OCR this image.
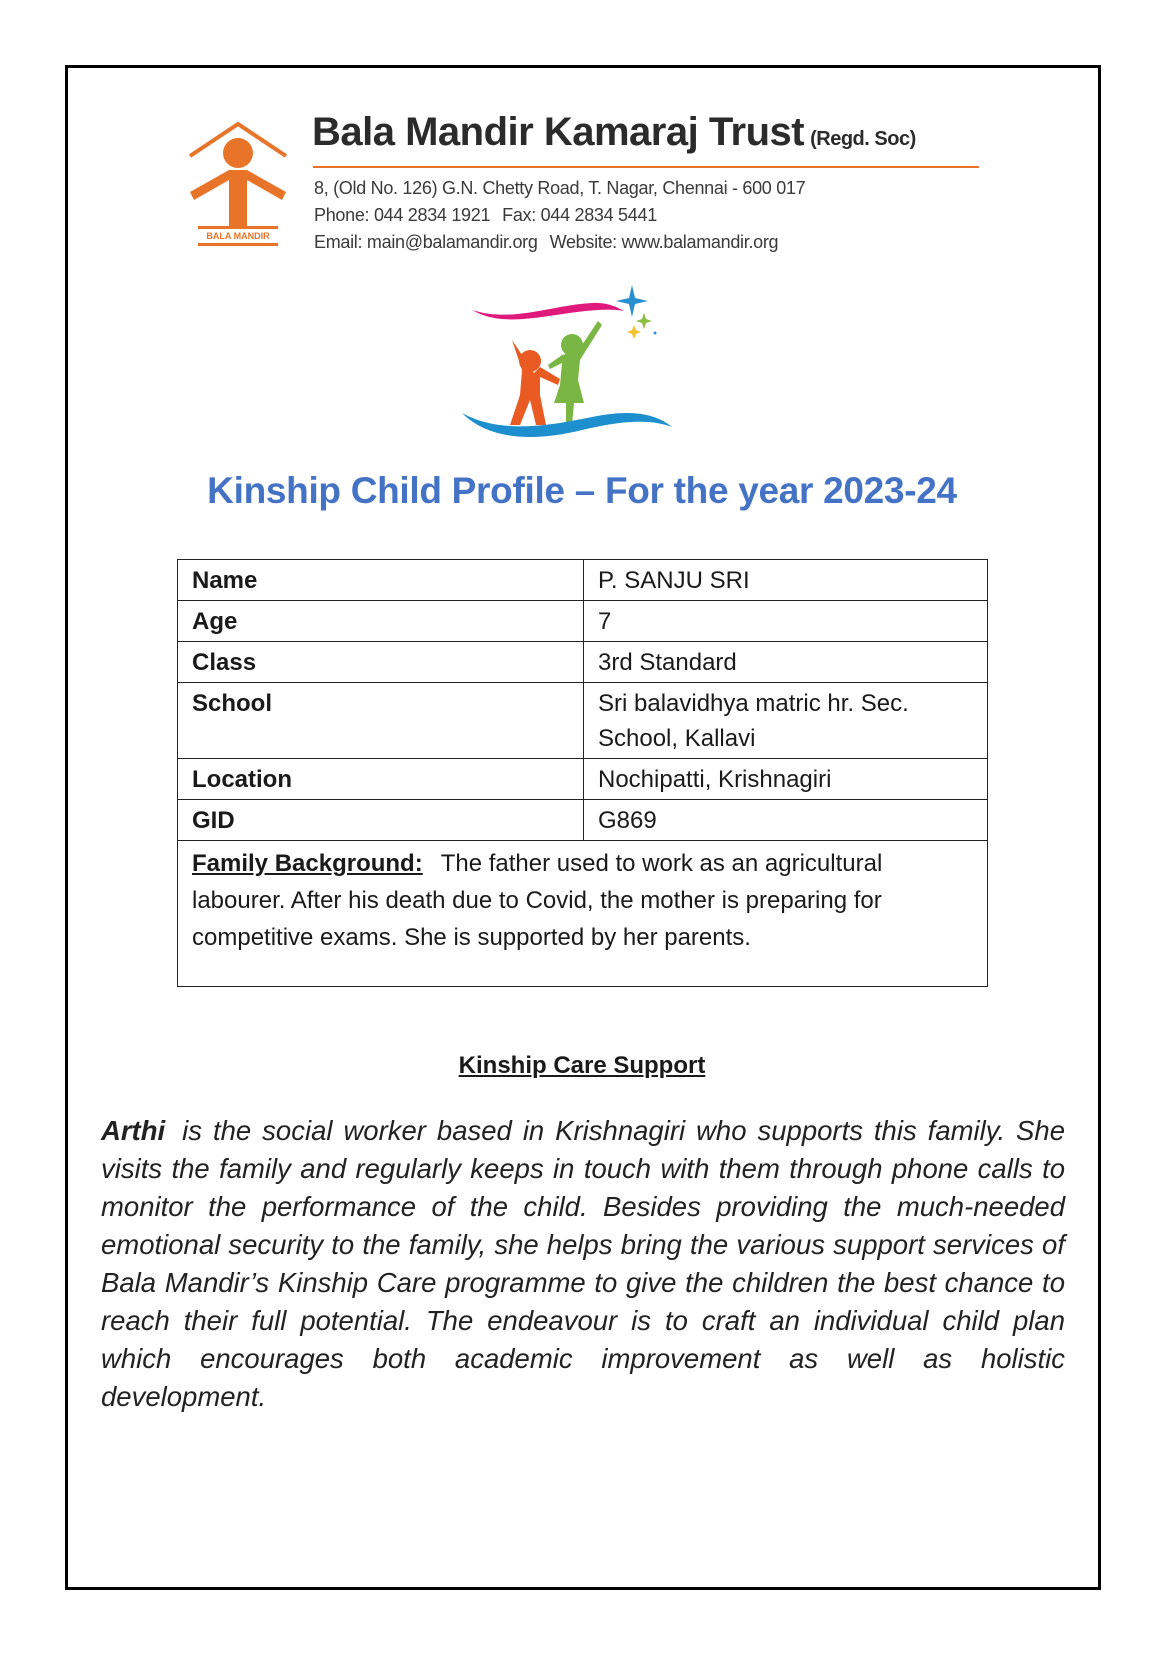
BALA MANDIR
Bala Mandir Kamaraj Trust (Regd. Soc)
8, (Old No. 126) G.N. Chetty Road, T. Nagar, Chennai - 600 017
Phone: 044 2834 1921 Fax: 044 2834 5441
Email: main@balamandir.org Website: www.balamandir.org
Kinship Child Profile – For the year 2023-24
Name	P. SANJU SRI
Age	7
Class	3rd Standard
School	Sri balavidhya matric hr. Sec. School, Kallavi
Location	Nochipatti, Krishnagiri
GID	G869
Family Background: The father used to work as an agricultural labourer. After his death due to Covid, the mother is preparing for competitive exams. She is supported by her parents.	
Kinship Care Support
Arthi is the social worker based in Krishnagiri who supports this family. She visits the family and regularly keeps in touch with them through phone calls to monitor the performance of the child. Besides providing the much-needed emotional security to the family, she helps bring the various support services of Bala Mandir’s Kinship Care programme to give the children the best chance to reach their full potential. The endeavour is to craft an individual child plan which encourages both academic improvement as well as holistic development.
